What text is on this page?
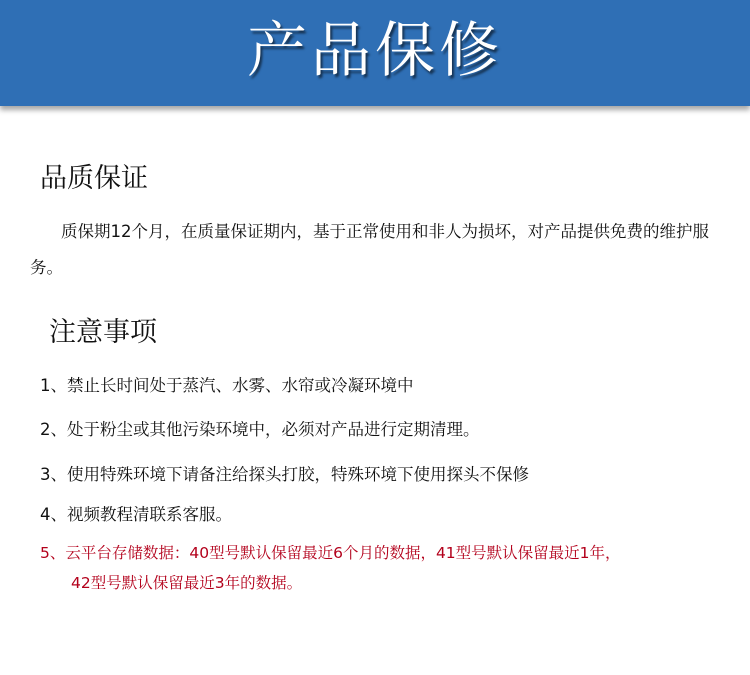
产品保修
品质保证
质保期12个月，在质量保证期内，基于正常使用和非人为损坏，对产品提供免费的维护服务。
注意事项
1、禁止长时间处于蒸汽、水雾、水帘或冷凝环境中
2、处于粉尘或其他污染环境中，必须对产品进行定期清理。
3、使用特殊环境下请备注给探头打胶，特殊环境下使用探头不保修
4、视频教程清联系客服。
5、云平台存储数据：40型号默认保留最近6个月的数据，41型号默认保留最近1年，
42型号默认保留最近3年的数据。
